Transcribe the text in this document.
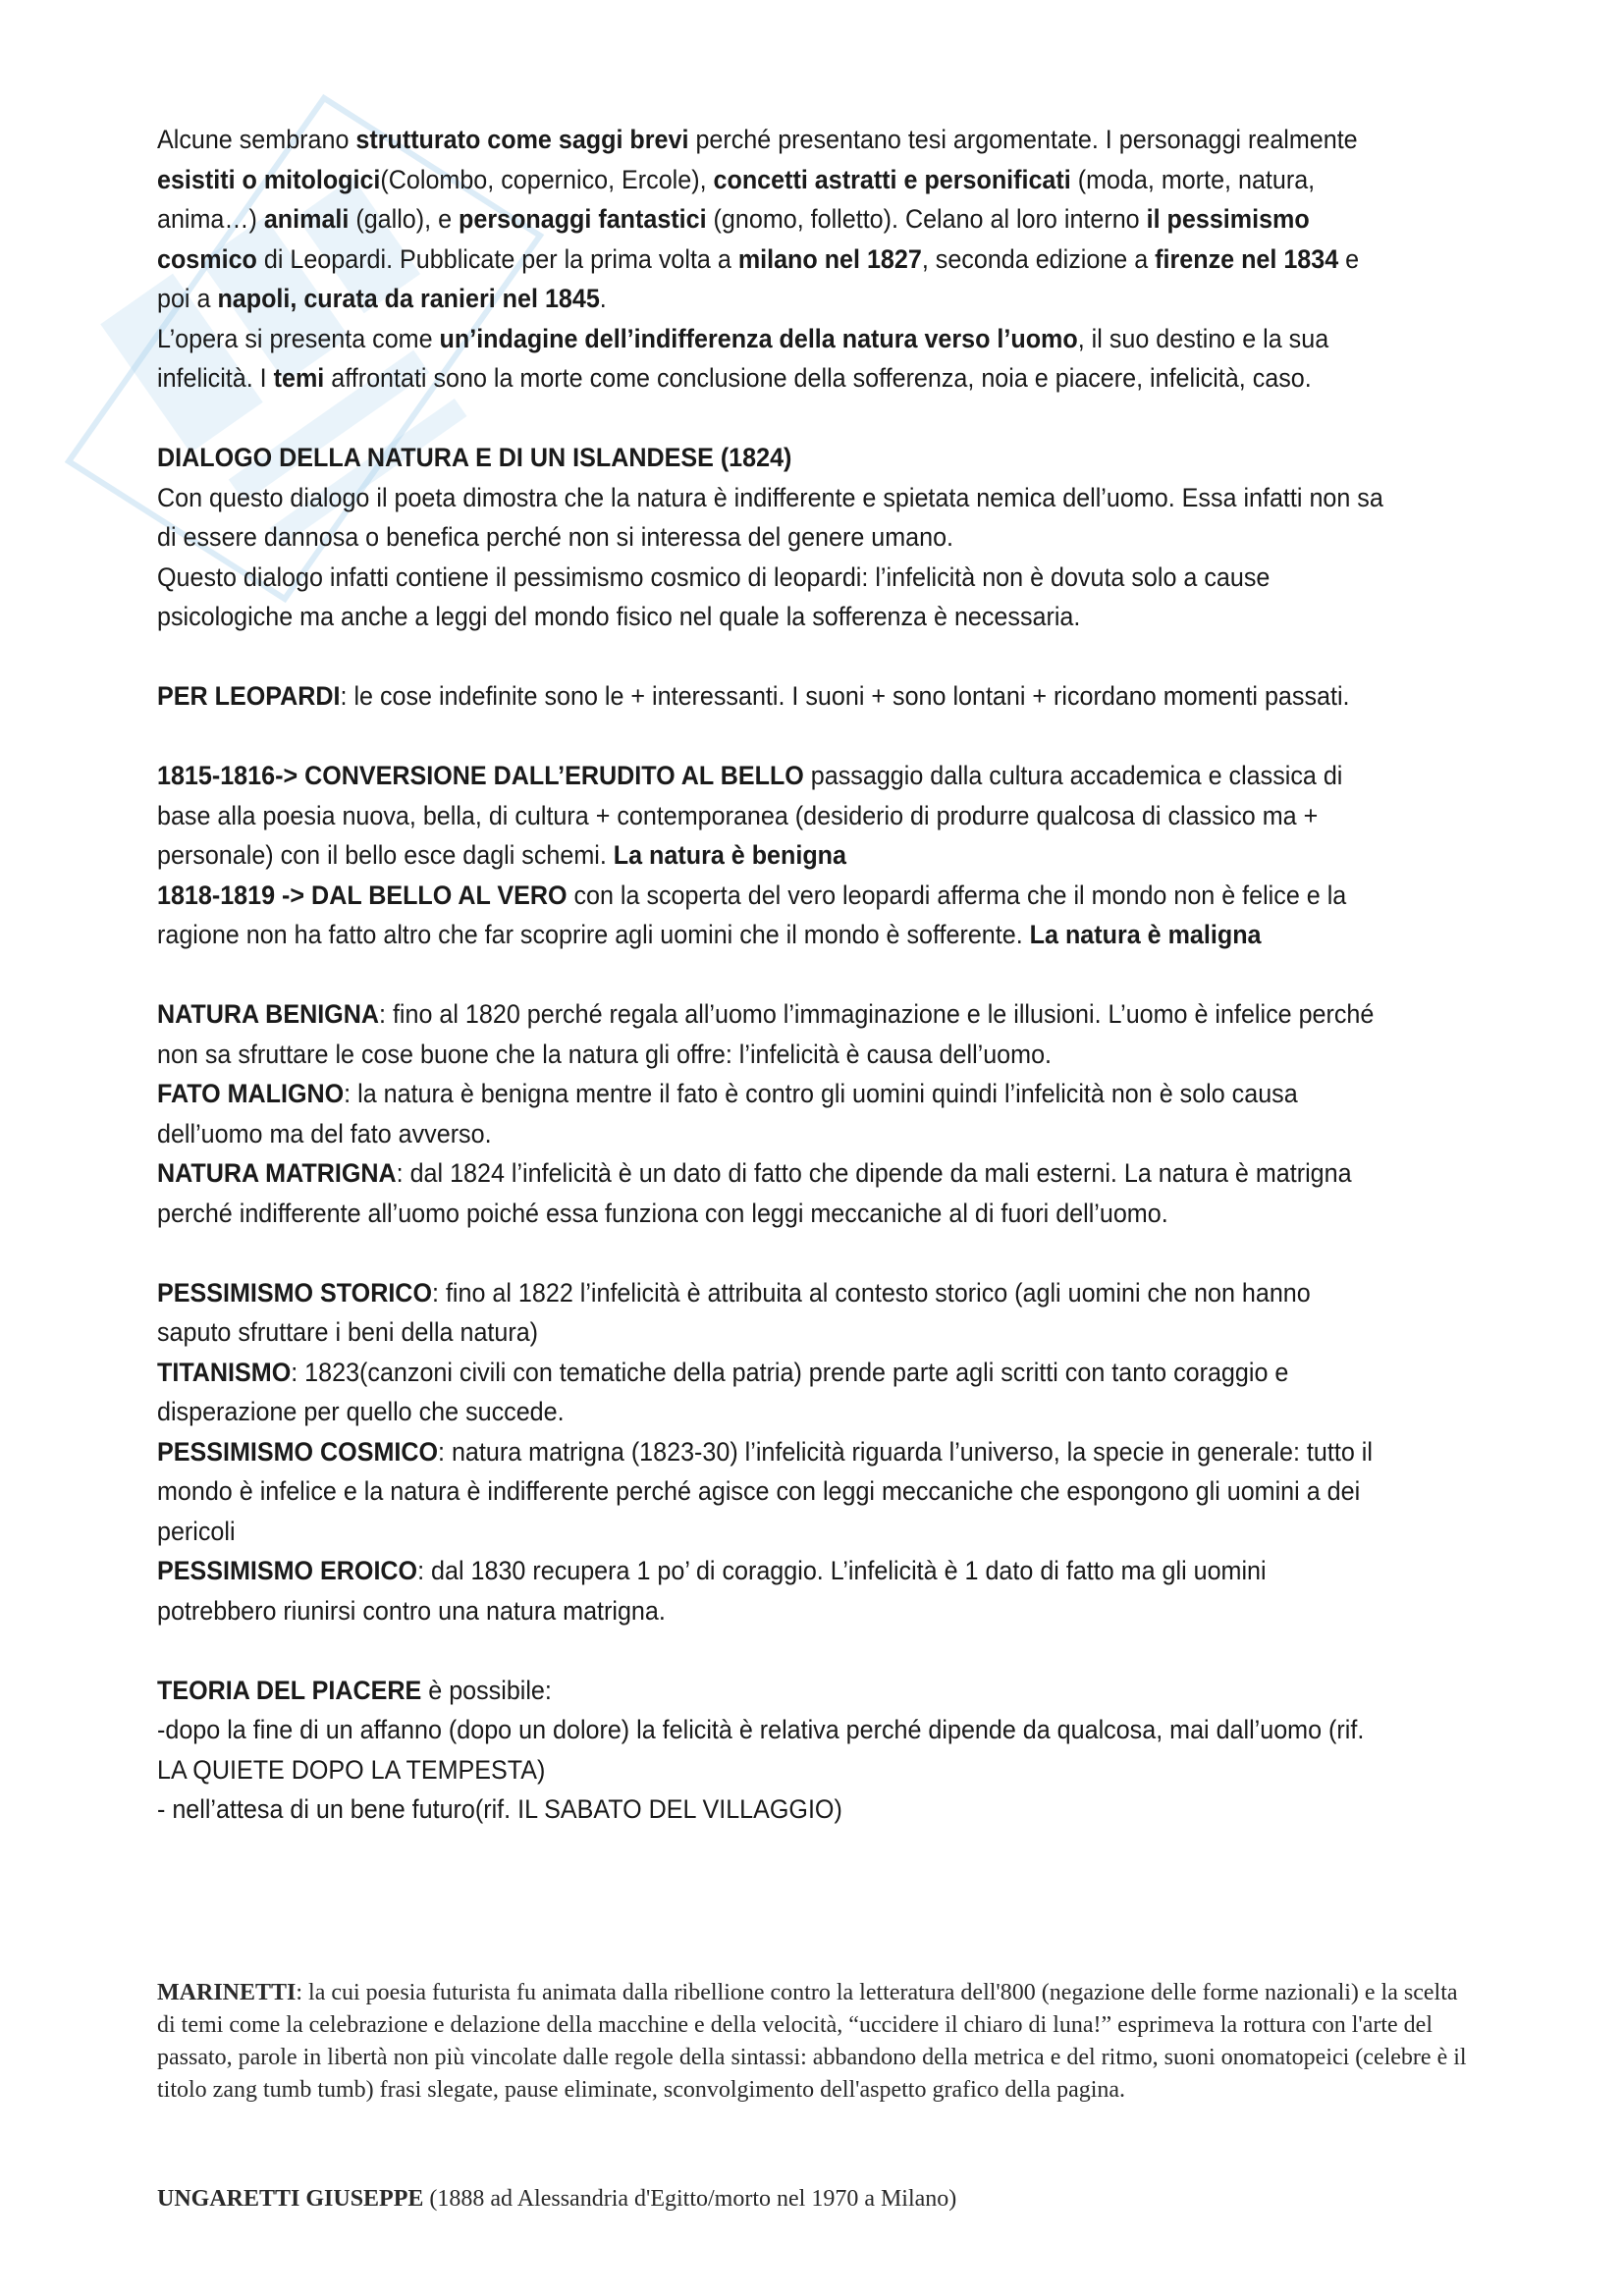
Alcune sembrano strutturato come saggi brevi perché presentano tesi argomentate. I personaggi realmente esistiti o mitologici(Colombo, copernico, Ercole), concetti astratti e personificati (moda, morte, natura, anima…) animali (gallo), e personaggi fantastici (gnomo, folletto). Celano al loro interno il pessimismo cosmico di Leopardi. Pubblicate per la prima volta a milano nel 1827, seconda edizione a firenze nel 1834 e poi a napoli, curata da ranieri nel 1845.

L’opera si presenta come un’indagine dell’indifferenza della natura verso l’uomo, il suo destino e la sua infelicità. I temi affrontati sono la morte come conclusione della sofferenza, noia e piacere, infelicità, caso.

DIALOGO DELLA NATURA E DI UN ISLANDESE (1824)

Con questo dialogo il poeta dimostra che la natura è indifferente e spietata nemica dell’uomo. Essa infatti non sa di essere dannosa o benefica perché non si interessa del genere umano.

Questo dialogo infatti contiene il pessimismo cosmico di leopardi: l’infelicità non è dovuta solo a cause psicologiche ma anche a leggi del mondo fisico nel quale la sofferenza è necessaria.

PER LEOPARDI: le cose indefinite sono le + interessanti. I suoni + sono lontani + ricordano momenti passati.

1815-1816-> CONVERSIONE DALL’ERUDITO AL BELLO passaggio dalla cultura accademica e classica di base alla poesia nuova, bella, di cultura + contemporanea (desiderio di produrre qualcosa di classico ma + personale) con il bello esce dagli schemi. La natura è benigna

1818-1819 -> DAL BELLO AL VERO con la scoperta del vero leopardi afferma che il mondo non è felice e la ragione non ha fatto altro che far scoprire agli uomini che il mondo è sofferente. La natura è maligna

NATURA BENIGNA: fino al 1820 perché regala all’uomo l’immaginazione e le illusioni. L’uomo è infelice perché non sa sfruttare le cose buone che la natura gli offre: l’infelicità è causa dell’uomo.

FATO MALIGNO: la natura è benigna mentre il fato è contro gli uomini quindi l’infelicità non è solo causa dell’uomo ma del fato avverso.

NATURA MATRIGNA: dal 1824 l’infelicità è un dato di fatto che dipende da mali esterni. La natura è matrigna perché indifferente all’uomo poiché essa funziona con leggi meccaniche al di fuori dell’uomo.

PESSIMISMO STORICO: fino al 1822 l’infelicità è attribuita al contesto storico (agli uomini che non hanno saputo sfruttare i beni della natura)

TITANISMO: 1823(canzoni civili con tematiche della patria) prende parte agli scritti con tanto coraggio e disperazione per quello che succede.

PESSIMISMO COSMICO: natura matrigna (1823-30) l’infelicità riguarda l’universo, la specie in generale: tutto il mondo è infelice e la natura è indifferente perché agisce con leggi meccaniche che espongono gli uomini a dei pericoli

PESSIMISMO EROICO: dal 1830 recupera 1 po’ di coraggio. L’infelicità è 1 dato di fatto ma gli uomini potrebbero riunirsi contro una natura matrigna.

TEORIA DEL PIACERE è possibile:

-dopo la fine di un affanno (dopo un dolore) la felicità è relativa perché dipende da qualcosa, mai dall’uomo (rif. LA QUIETE DOPO LA TEMPESTA)

- nell’attesa di un bene futuro(rif. IL SABATO DEL VILLAGGIO)

MARINETTI: la cui poesia futurista fu animata dalla ribellione contro la letteratura dell'800 (negazione delle forme nazionali) e la scelta di temi come la celebrazione e delazione della macchine e della velocità, “uccidere il chiaro di luna!” esprimeva la rottura con l'arte del passato, parole in libertà non più vincolate dalle regole della sintassi: abbandono della metrica e del ritmo, suoni onomatopeici (celebre è il titolo zang tumb tumb) frasi slegate, pause eliminate, sconvolgimento dell'aspetto grafico della pagina.
UNGARETTI GIUSEPPE (1888 ad Alessandria d'Egitto/morto nel 1970 a Milano)
